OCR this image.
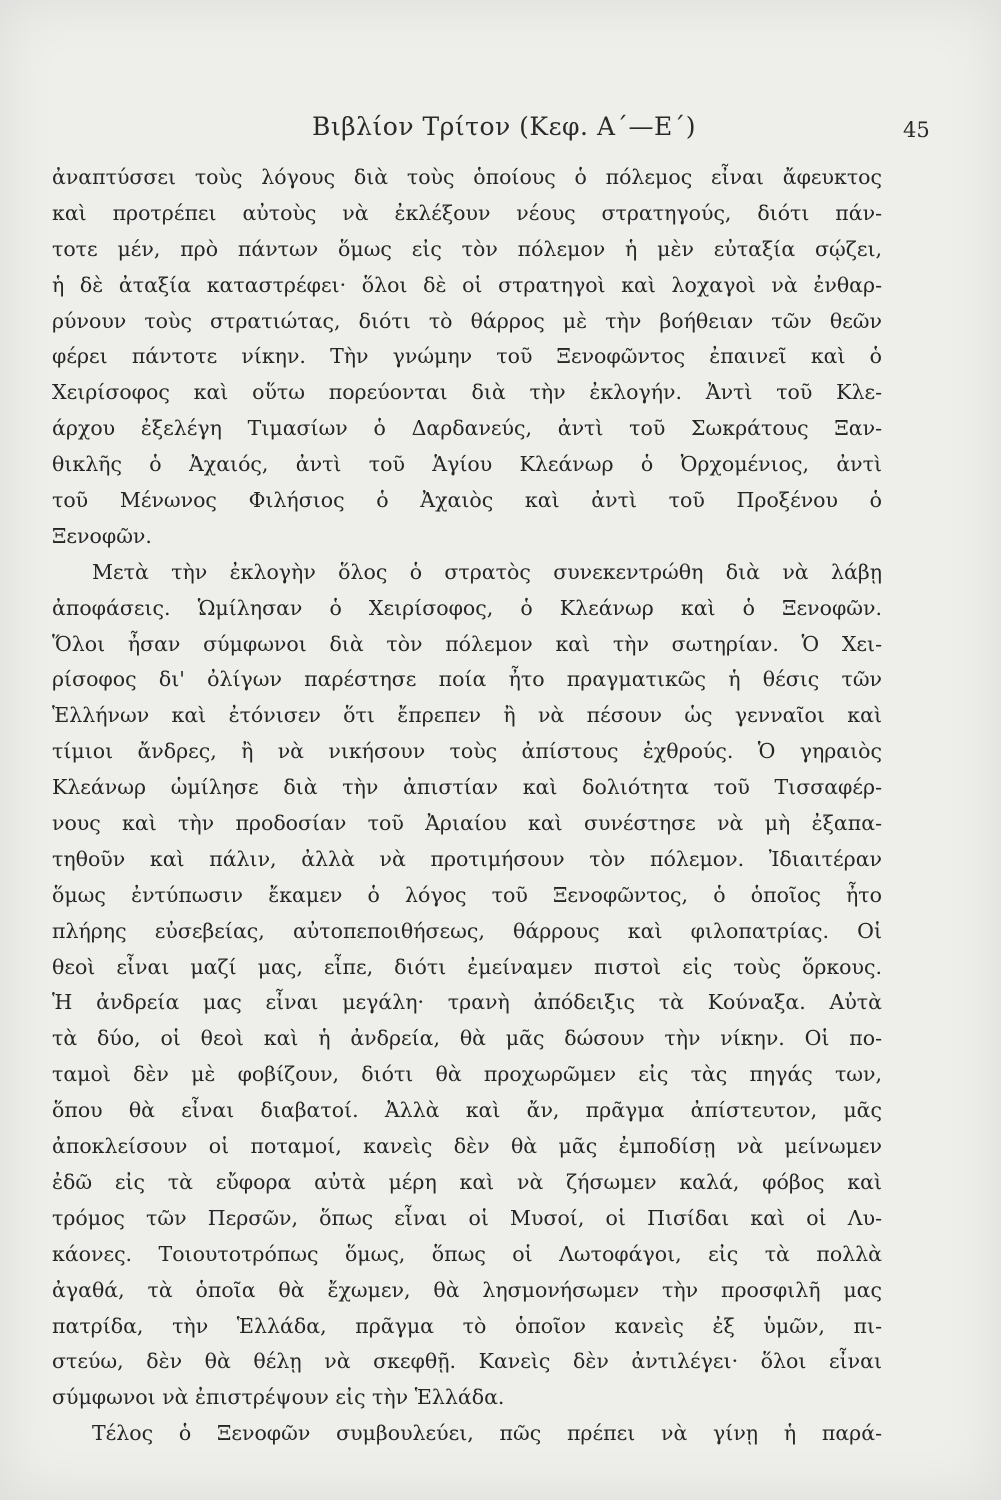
Βιβλίον Τρίτον (Κεφ. Α΄—Ε΄)	45
ἀναπτύσσει τοὺς λόγους διὰ τοὺς ὁποίους ὁ πόλεμος εἶναι ἄφευκτος
καὶ προτρέπει αὐτοὺς νὰ ἐκλέξουν νέους στρατηγούς, διότι πάν-
τοτε μέν, πρὸ πάντων ὅμως εἰς τὸν πόλεμον ἡ μὲν εὐταξία σῴζει,
ἡ δὲ ἀταξία καταστρέφει· ὅλοι δὲ οἱ στρατηγοὶ καὶ λοχαγοὶ νὰ ἐνθαρ-
ρύνουν τοὺς στρατιώτας, διότι τὸ θάρρος μὲ τὴν βοήθειαν τῶν θεῶν
φέρει πάντοτε νίκην. Τὴν γνώμην τοῦ Ξενοφῶντος ἐπαινεῖ καὶ ὁ
Χειρίσοφος καὶ οὕτω πορεύονται διὰ τὴν ἐκλογήν. Ἀντὶ τοῦ Κλε-
άρχου ἐξελέγη Τιμασίων ὁ Δαρδανεύς, ἀντὶ τοῦ Σωκράτους Ξαν-
θικλῆς ὁ Ἀχαιός, ἀντὶ τοῦ Ἁγίου Κλεάνωρ ὁ Ὀρχομένιος, ἀντὶ
τοῦ Μένωνος Φιλήσιος ὁ Ἀχαιὸς καὶ ἀντὶ τοῦ Προξένου ὁ
Ξενοφῶν.
Μετὰ τὴν ἐκλογὴν ὅλος ὁ στρατὸς συνεκεντρώθη διὰ νὰ λάβῃ
ἀποφάσεις. Ὡμίλησαν ὁ Χειρίσοφος, ὁ Κλεάνωρ καὶ ὁ Ξενοφῶν.
Ὅλοι ἦσαν σύμφωνοι διὰ τὸν πόλεμον καὶ τὴν σωτηρίαν. Ὁ Χει-
ρίσοφος δι' ὀλίγων παρέστησε ποία ἦτο πραγματικῶς ἡ θέσις τῶν
Ἑλλήνων καὶ ἐτόνισεν ὅτι ἔπρεπεν ἢ νὰ πέσουν ὡς γενναῖοι καὶ
τίμιοι ἄνδρες, ἢ νὰ νικήσουν τοὺς ἀπίστους ἐχθρούς. Ὁ γηραιὸς
Κλεάνωρ ὡμίλησε διὰ τὴν ἀπιστίαν καὶ δολιότητα τοῦ Τισσαφέρ-
νους καὶ τὴν προδοσίαν τοῦ Ἀριαίου καὶ συνέστησε νὰ μὴ ἐξαπα-
τηθοῦν καὶ πάλιν, ἀλλὰ νὰ προτιμήσουν τὸν πόλεμον. Ἰδιαιτέραν
ὅμως ἐντύπωσιν ἔκαμεν ὁ λόγος τοῦ Ξενοφῶντος, ὁ ὁποῖος ἦτο
πλήρης εὐσεβείας, αὐτοπεποιθήσεως, θάρρους καὶ φιλοπατρίας. Οἱ
θεοὶ εἶναι μαζί μας, εἶπε, διότι ἐμείναμεν πιστοὶ εἰς τοὺς ὅρκους.
Ἡ ἀνδρεία μας εἶναι μεγάλη· τρανὴ ἀπόδειξις τὰ Κούναξα. Αὐτὰ
τὰ δύο, οἱ θεοὶ καὶ ἡ ἀνδρεία, θὰ μᾶς δώσουν τὴν νίκην. Οἱ πο-
ταμοὶ δὲν μὲ φοβίζουν, διότι θὰ προχωρῶμεν εἰς τὰς πηγάς των,
ὅπου θὰ εἶναι διαβατοί. Ἀλλὰ καὶ ἄν, πρᾶγμα ἀπίστευτον, μᾶς
ἀποκλείσουν οἱ ποταμοί, κανεὶς δὲν θὰ μᾶς ἐμποδίσῃ νὰ μείνωμεν
ἐδῶ εἰς τὰ εὔφορα αὐτὰ μέρη καὶ νὰ ζήσωμεν καλά, φόβος καὶ
τρόμος τῶν Περσῶν, ὅπως εἶναι οἱ Μυσοί, οἱ Πισίδαι καὶ οἱ Λυ-
κάονες. Τοιουτοτρόπως ὅμως, ὅπως οἱ Λωτοφάγοι, εἰς τὰ πολλὰ
ἀγαθά, τὰ ὁποῖα θὰ ἔχωμεν, θὰ λησμονήσωμεν τὴν προσφιλῆ μας
πατρίδα, τὴν Ἑλλάδα, πρᾶγμα τὸ ὁποῖον κανεὶς ἐξ ὑμῶν, πι-
στεύω, δὲν θὰ θέλῃ νὰ σκεφθῇ. Κανεὶς δὲν ἀντιλέγει· ὅλοι εἶναι
σύμφωνοι νὰ ἐπιστρέψουν εἰς τὴν Ἑλλάδα.
Τέλος ὁ Ξενοφῶν συμβουλεύει, πῶς πρέπει νὰ γίνῃ ἡ παρά-
